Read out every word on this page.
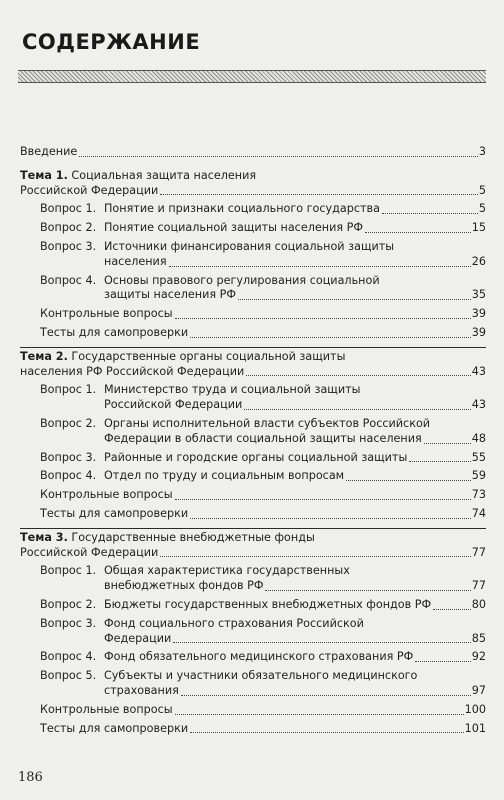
СОДЕРЖАНИЕ
Введение	3
Тема 1. Социальная защита населения
Российской Федерации	5
Вопрос 1. Понятие и признаки социального государства	5
Вопрос 2. Понятие социальной защиты населения РФ	15
Вопрос 3. Источники финансирования социальной защиты
населения	26
Вопрос 4. Основы правового регулирования социальной
защиты населения РФ	35
Контрольные вопросы	39
Тесты для самопроверки	39
Тема 2. Государственные органы социальной защиты
населения РФ Российской Федерации	43
Вопрос 1. Министерство труда и социальной защиты
Российской Федерации	43
Вопрос 2. Органы исполнительной власти субъектов Российской
Федерации в области социальной защиты населения	48
Вопрос 3. Районные и городские органы социальной защиты	55
Вопрос 4. Отдел по труду и социальным вопросам	59
Контрольные вопросы	73
Тесты для самопроверки	74
Тема 3. Государственные внебюджетные фонды
Российской Федерации	77
Вопрос 1. Общая характеристика государственных
внебюджетных фондов РФ	77
Вопрос 2. Бюджеты государственных внебюджетных фондов РФ	80
Вопрос 3. Фонд социального страхования Российской
Федерации	85
Вопрос 4. Фонд обязательного медицинского страхования РФ	92
Вопрос 5. Субъекты и участники обязательного медицинского
страхования	97
Контрольные вопросы	100
Тесты для самопроверки	101
186
